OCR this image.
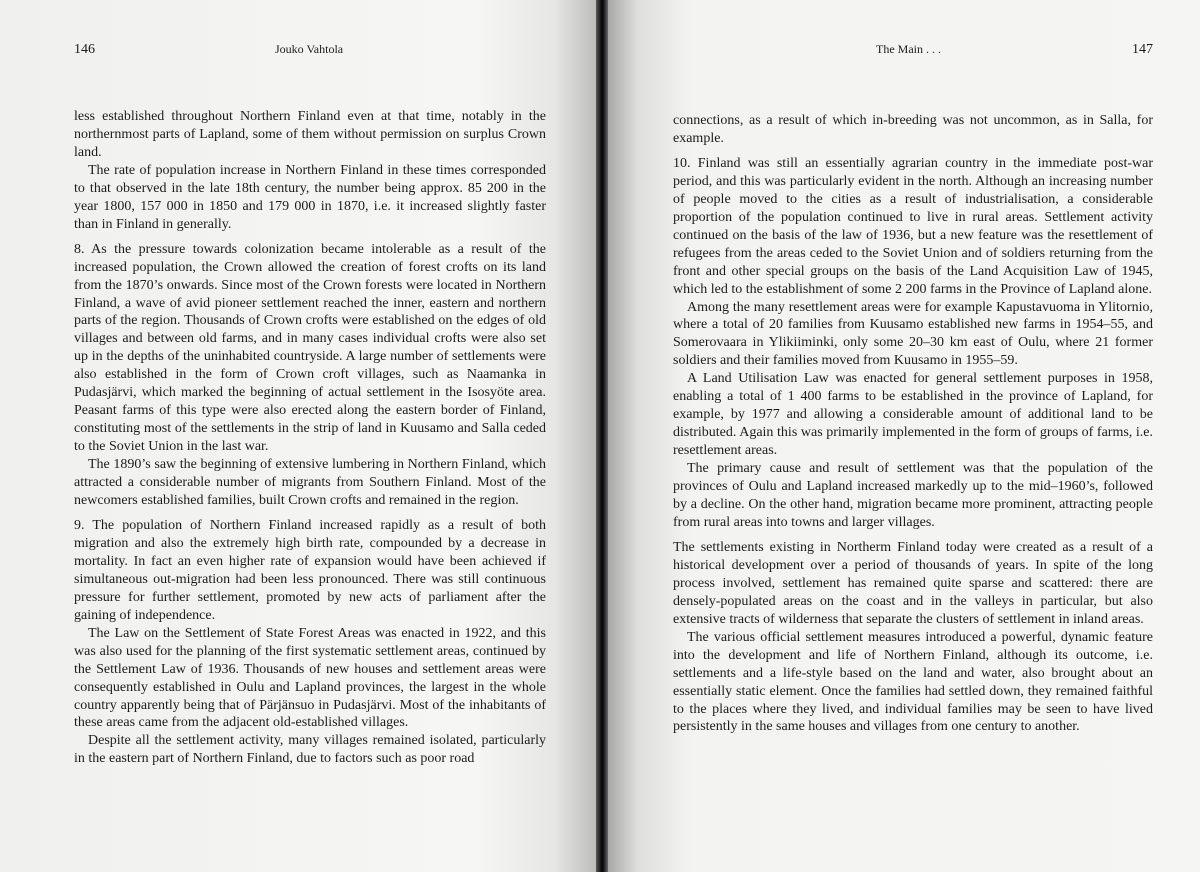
146	Jouko Vahtola

less established throughout Northern Finland even at that time, notably in the northernmost parts of Lapland, some of them without permission on surplus Crown land.

The rate of population increase in Northern Finland in these times corresponded to that observed in the late 18th century, the number being approx. 85 200 in the year 1800, 157 000 in 1850 and 179 000 in 1870, i.e. it increased slightly faster than in Finland in generally.

8. As the pressure towards colonization became intolerable as a result of the increased population, the Crown allowed the creation of forest crofts on its land from the 1870’s onwards. Since most of the Crown forests were located in Northern Finland, a wave of avid pioneer settlement reached the inner, eastern and northern parts of the region. Thousands of Crown crofts were established on the edges of old villages and between old farms, and in many cases individual crofts were also set up in the depths of the uninhabited countryside. A large number of settlements were also established in the form of Crown croft villages, such as Naamanka in Pudasjärvi, which marked the beginning of actual settlement in the Isosyöte area. Peasant farms of this type were also erected along the eastern border of Finland, constituting most of the settlements in the strip of land in Kuusamo and Salla ceded to the Soviet Union in the last war.

The 1890’s saw the beginning of extensive lumbering in Northern Finland, which attracted a considerable number of migrants from Southern Finland. Most of the newcomers established families, built Crown crofts and remained in the region.

9. The population of Northern Finland increased rapidly as a result of both migration and also the extremely high birth rate, compounded by a decrease in mortality. In fact an even higher rate of expansion would have been achieved if simultaneous out-migration had been less pronounced. There was still continuous pressure for further settlement, promoted by new acts of parliament after the gaining of independence.

The Law on the Settlement of State Forest Areas was enacted in 1922, and this was also used for the planning of the first systematic settlement areas, continued by the Settlement Law of 1936. Thousands of new houses and settlement areas were consequently established in Oulu and Lapland provinces, the largest in the whole country apparently being that of Pärjänsuo in Pudasjärvi. Most of the inhabitants of these areas came from the adjacent old-established villages.

Despite all the settlement activity, many villages remained isolated, particularly in the eastern part of Northern Finland, due to factors such as poor road

The Main . . .	147

connections, as a result of which in-breeding was not uncommon, as in Salla, for example.

10. Finland was still an essentially agrarian country in the immediate post-war period, and this was particularly evident in the north. Although an increasing number of people moved to the cities as a result of industrialisation, a considerable proportion of the population continued to live in rural areas. Settlement activity continued on the basis of the law of 1936, but a new feature was the resettlement of refugees from the areas ceded to the Soviet Union and of soldiers returning from the front and other special groups on the basis of the Land Acquisition Law of 1945, which led to the establishment of some 2 200 farms in the Province of Lapland alone.

Among the many resettlement areas were for example Kapustavuoma in Ylitornio, where a total of 20 families from Kuusamo established new farms in 1954–55, and Somerovaara in Ylikiiminki, only some 20–30 km east of Oulu, where 21 former soldiers and their families moved from Kuusamo in 1955–59.

A Land Utilisation Law was enacted for general settlement purposes in 1958, enabling a total of 1 400 farms to be established in the province of Lapland, for example, by 1977 and allowing a considerable amount of additional land to be distributed. Again this was primarily implemented in the form of groups of farms, i.e. resettlement areas.

The primary cause and result of settlement was that the population of the provinces of Oulu and Lapland increased markedly up to the mid–1960’s, followed by a decline. On the other hand, migration became more prominent, attracting people from rural areas into towns and larger villages.

The settlements existing in Northerm Finland today were created as a result of a historical development over a period of thousands of years. In spite of the long process involved, settlement has remained quite sparse and scattered: there are densely-populated areas on the coast and in the valleys in particular, but also extensive tracts of wilderness that separate the clusters of settlement in inland areas.

The various official settlement measures introduced a powerful, dynamic feature into the development and life of Northern Finland, although its outcome, i.e. settlements and a life-style based on the land and water, also brought about an essentially static element. Once the families had settled down, they remained faithful to the places where they lived, and individual families may be seen to have lived persistently in the same houses and villages from one century to another.
